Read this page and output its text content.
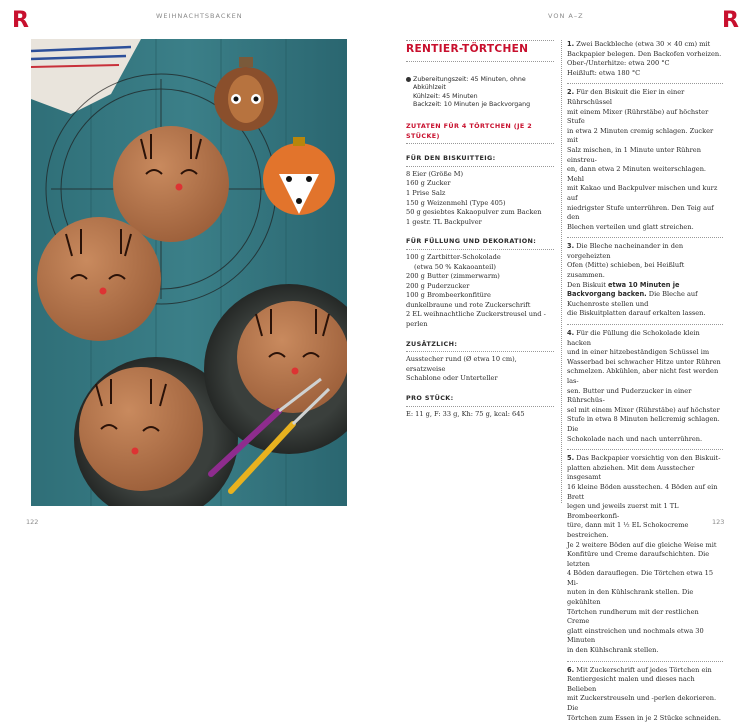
R	R
WEIHNACHTSBACKEN	VON A–Z
122	123
RENTIER-TÖRTCHEN
Zubereitungszeit: 45 Minuten, ohne Abkühlzeit
Kühlzeit: 45 Minuten
Backzeit: 10 Minuten je Backvorgang
ZUTATEN FÜR 4 TÖRTCHEN (JE 2 STÜCKE)
FÜR DEN BISKUITTEIG:
8 Eier (Größe M)
160 g Zucker
1 Prise Salz
150 g Weizenmehl (Type 405)
50 g gesiebtes Kakaopulver zum Backen
1 gestr. TL Backpulver
FÜR FÜLLUNG UND DEKORATION:
100 g Zartbitter-Schokolade
(etwa 50 % Kakaoanteil)
200 g Butter (zimmerwarm)
200 g Puderzucker
100 g Brombeerkonfitüre
dunkelbraune und rote Zuckerschrift
2 EL weihnachtliche Zuckerstreusel und -perlen
ZUSÄTZLICH:
Ausstecher rund (Ø etwa 10 cm), ersatzweise
Schablone oder Unterteller
PRO STÜCK:
E: 11 g, F: 33 g, Kh: 75 g, kcal: 645
1. Zwei Backbleche (etwa 30 × 40 cm) mit
Backpapier belegen. Den Backofen vorheizen.
Ober-/Unterhitze: etwa 200 °C
Heißluft: etwa 180 °C
2. Für den Biskuit die Eier in einer Rührschüssel
mit einem Mixer (Rührstäbe) auf höchster Stufe
in etwa 2 Minuten cremig schlagen. Zucker mit
Salz mischen, in 1 Minute unter Rühren einstreu-
en, dann etwa 2 Minuten weiterschlagen. Mehl
mit Kakao und Backpulver mischen und kurz auf
niedrigster Stufe unterrühren. Den Teig auf den
Blechen verteilen und glatt streichen.
3. Die Bleche nacheinander in den vorgeheizten
Ofen (Mitte) schieben, bei Heißluft zusammen.
Den Biskuit etwa 10 Minuten je Backvorgang backen. Die Bleche auf Kuchenroste stellen und
die Biskuitplatten darauf erkalten lassen.
4. Für die Füllung die Schokolade klein hacken
und in einer hitzebeständigen Schüssel im
Wasserbad bei schwacher Hitze unter Rühren
schmelzen. Abkühlen, aber nicht fest werden las-
sen. Butter und Puderzucker in einer Rührschüs-
sel mit einem Mixer (Rührstäbe) auf höchster
Stufe in etwa 8 Minuten hellcremig schlagen. Die
Schokolade nach und nach unterrühren.
5. Das Backpapier vorsichtig von den Biskuit-
platten abziehen. Mit dem Ausstecher insgesamt
16 kleine Böden ausstechen. 4 Böden auf ein Brett
legen und jeweils zuerst mit 1 TL Brombeerkonfi-
türe, dann mit 1 ½ EL Schokocreme bestreichen.
Je 2 weitere Böden auf die gleiche Weise mit
Konfitüre und Creme daraufschichten. Die letzten
4 Böden darauflegen. Die Törtchen etwa 15 Mi-
nuten in den Kühlschrank stellen. Die gekühlten
Törtchen rundherum mit der restlichen Creme
glatt einstreichen und nochmals etwa 30 Minuten
in den Kühlschrank stellen.
6. Mit Zuckerschrift auf jedes Törtchen ein
Rentiergesicht malen und dieses nach Belieben
mit Zuckerstreuseln und -perlen dekorieren. Die
Törtchen zum Essen in je 2 Stücke schneiden.
